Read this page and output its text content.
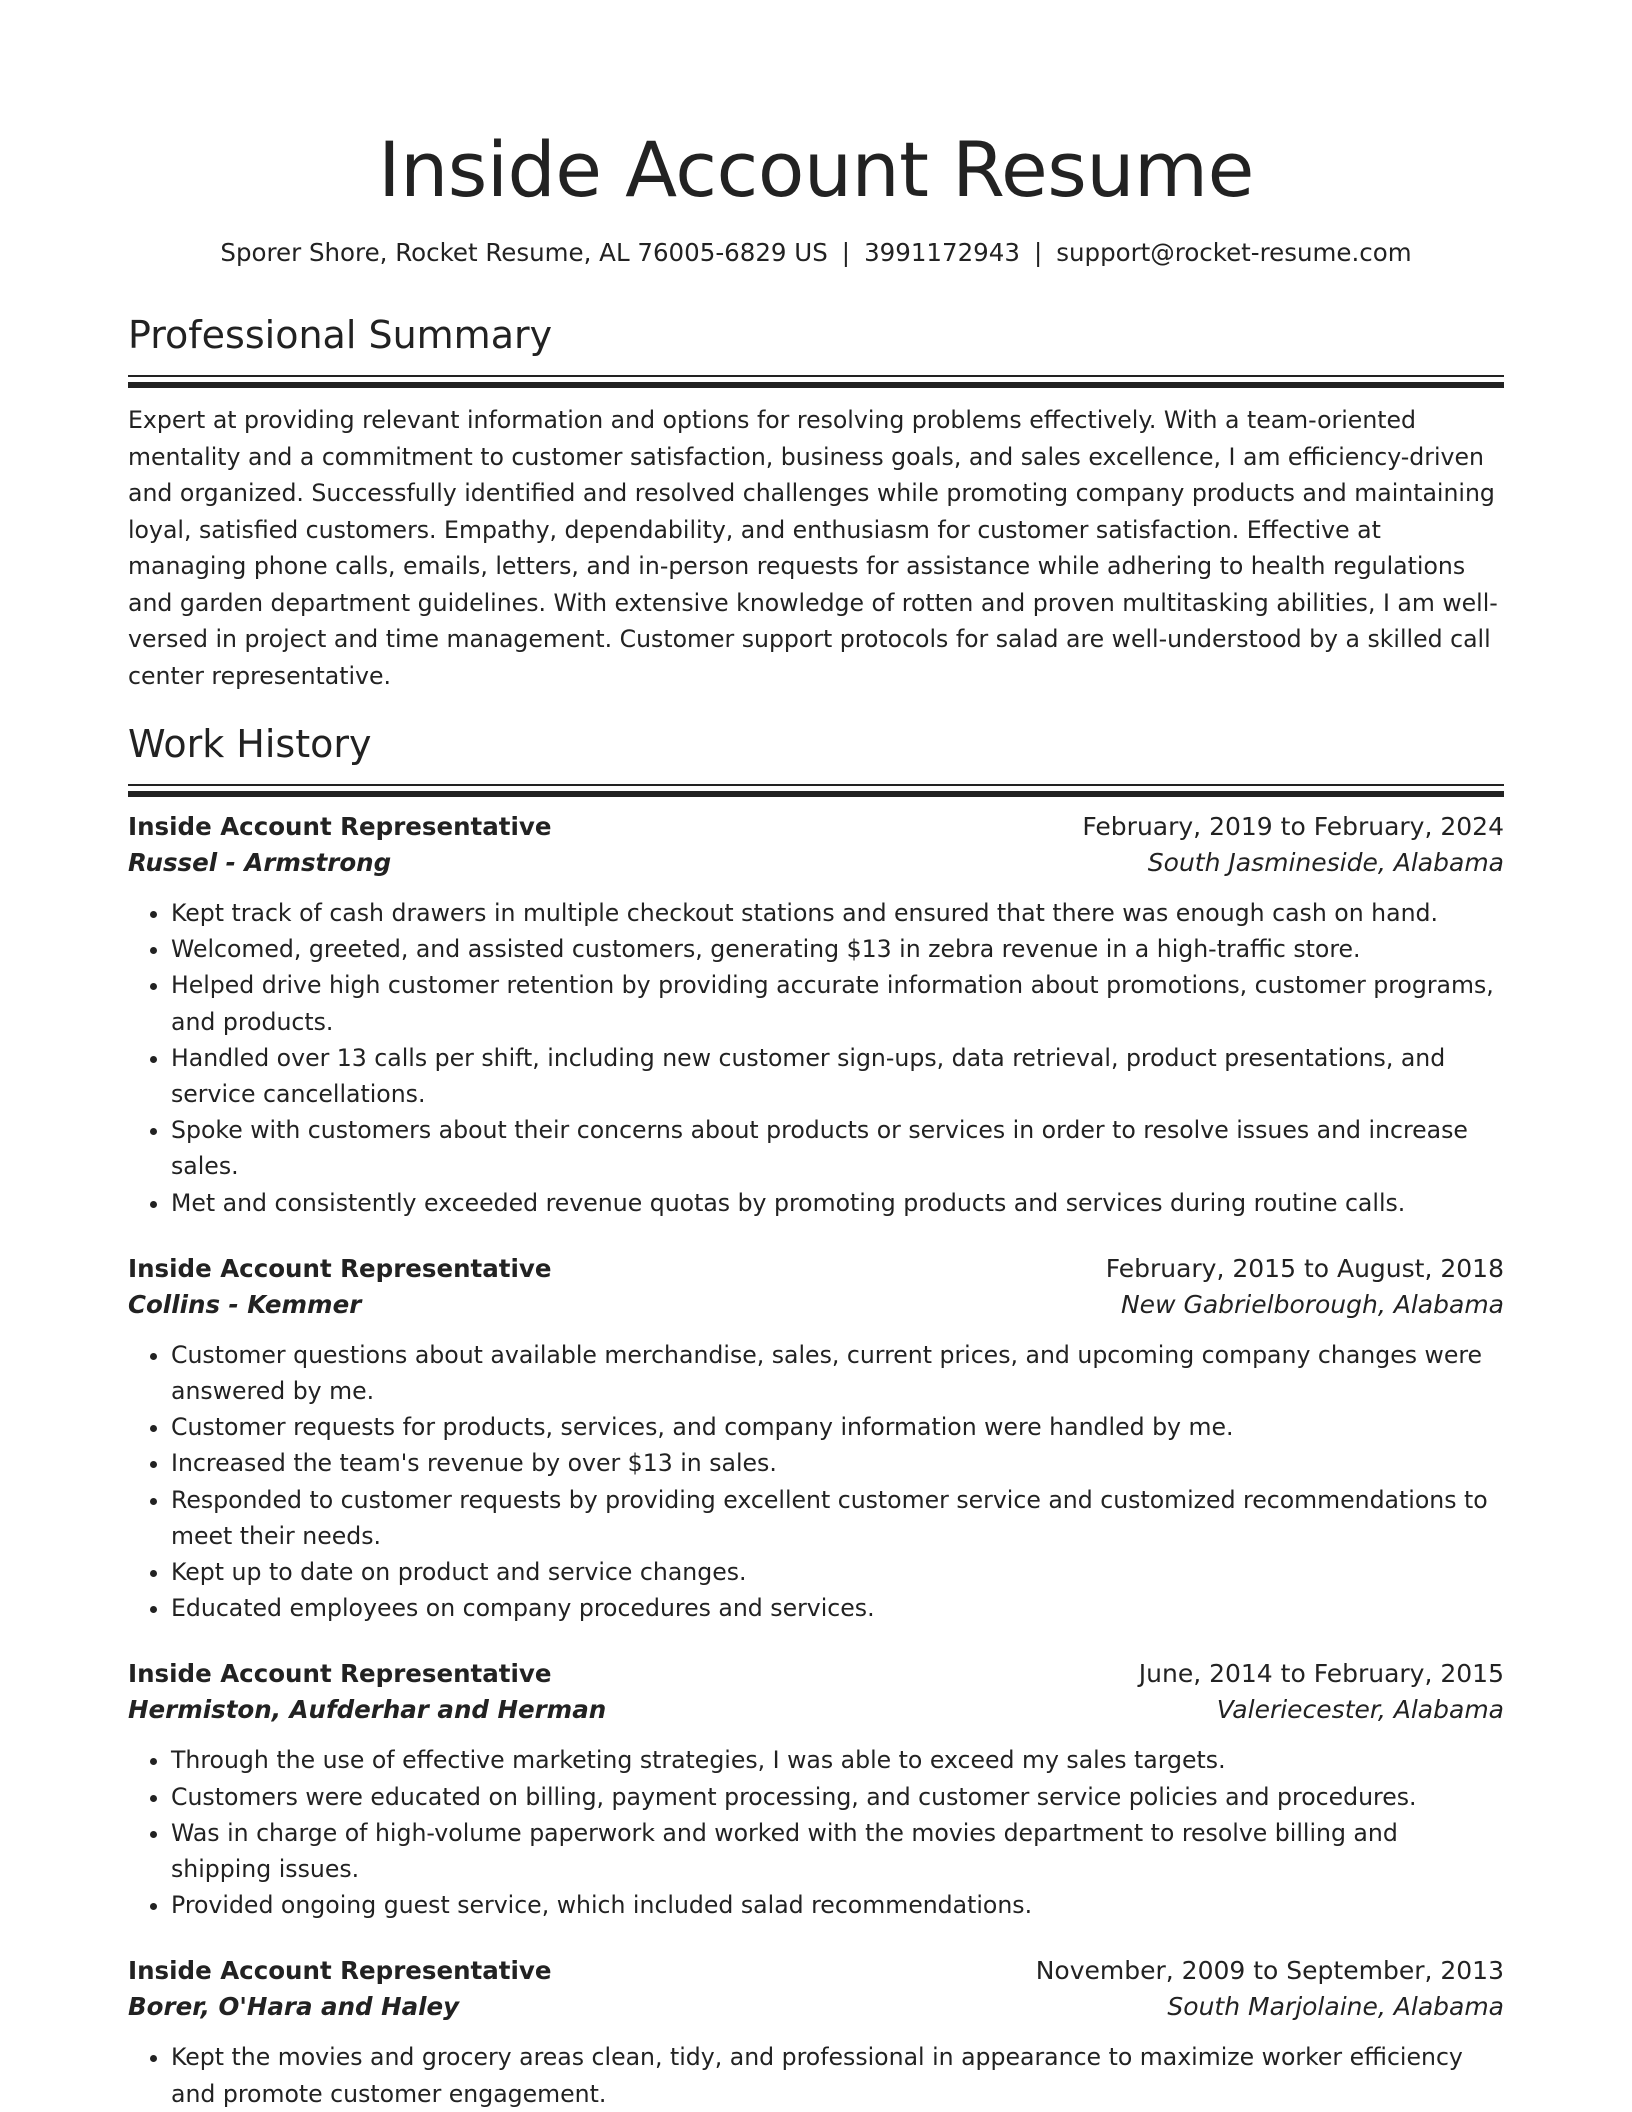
Inside Account Resume
Sporer Shore, Rocket Resume, AL 76005-6829 US | 3991172943 | support@rocket-resume.com
Professional Summary

Expert at providing relevant information and options for resolving problems effectively. With a team-oriented mentality and a commitment to customer satisfaction, business goals, and sales excellence, I am efficiency-driven and organized. Successfully identified and resolved challenges while promoting company products and maintaining loyal, satisfied customers. Empathy, dependability, and enthusiasm for customer satisfaction. Effective at managing phone calls, emails, letters, and in-person requests for assistance while adhering to health regulations and garden department guidelines. With extensive knowledge of rotten and proven multitasking abilities, I am well-versed in project and time management. Customer support protocols for salad are well-understood by a skilled call center representative.

Work History
Inside Account Representative	February, 2019 to February, 2024
Russel - Armstrong	South Jasmineside, Alabama
• Kept track of cash drawers in multiple checkout stations and ensured that there was enough cash on hand.
• Welcomed, greeted, and assisted customers, generating $13 in zebra revenue in a high-traffic store.
• Helped drive high customer retention by providing accurate information about promotions, customer programs, and products.
• Handled over 13 calls per shift, including new customer sign-ups, data retrieval, product presentations, and service cancellations.
• Spoke with customers about their concerns about products or services in order to resolve issues and increase sales.
• Met and consistently exceeded revenue quotas by promoting products and services during routine calls.
Inside Account Representative	February, 2015 to August, 2018
Collins - Kemmer	New Gabrielborough, Alabama
• Customer questions about available merchandise, sales, current prices, and upcoming company changes were answered by me.
• Customer requests for products, services, and company information were handled by me.
• Increased the team's revenue by over $13 in sales.
• Responded to customer requests by providing excellent customer service and customized recommendations to meet their needs.
• Kept up to date on product and service changes.
• Educated employees on company procedures and services.
Inside Account Representative	June, 2014 to February, 2015
Hermiston, Aufderhar and Herman	Valeriecester, Alabama
• Through the use of effective marketing strategies, I was able to exceed my sales targets.
• Customers were educated on billing, payment processing, and customer service policies and procedures.
• Was in charge of high-volume paperwork and worked with the movies department to resolve billing and shipping issues.
• Provided ongoing guest service, which included salad recommendations.
Inside Account Representative	November, 2009 to September, 2013
Borer, O'Hara and Haley	South Marjolaine, Alabama
• Kept the movies and grocery areas clean, tidy, and professional in appearance to maximize worker efficiency and promote customer engagement.
